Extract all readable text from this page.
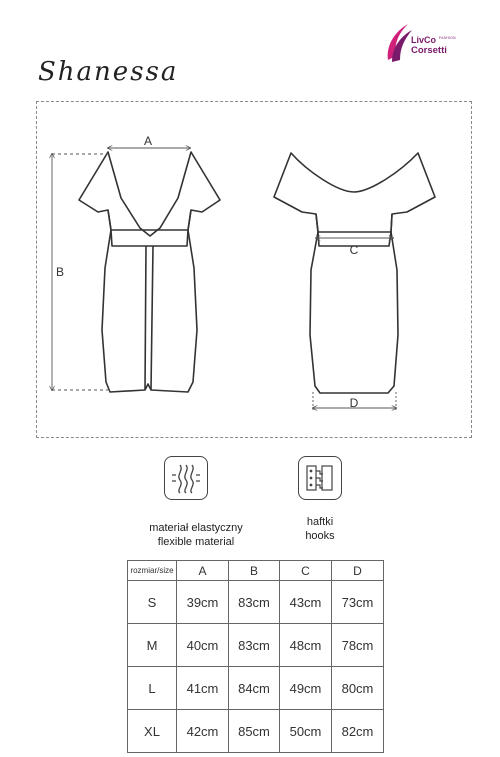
LivCo FASHION
Corsetti
Shanessa
A
B
C
D
materiał elastyczny
flexible material
haftki
hooks
rozmiar/size	A	B	C	D
S	39cm	83cm	43cm	73cm
M	40cm	83cm	48cm	78cm
L	41cm	84cm	49cm	80cm
XL	42cm	85cm	50cm	82cm
